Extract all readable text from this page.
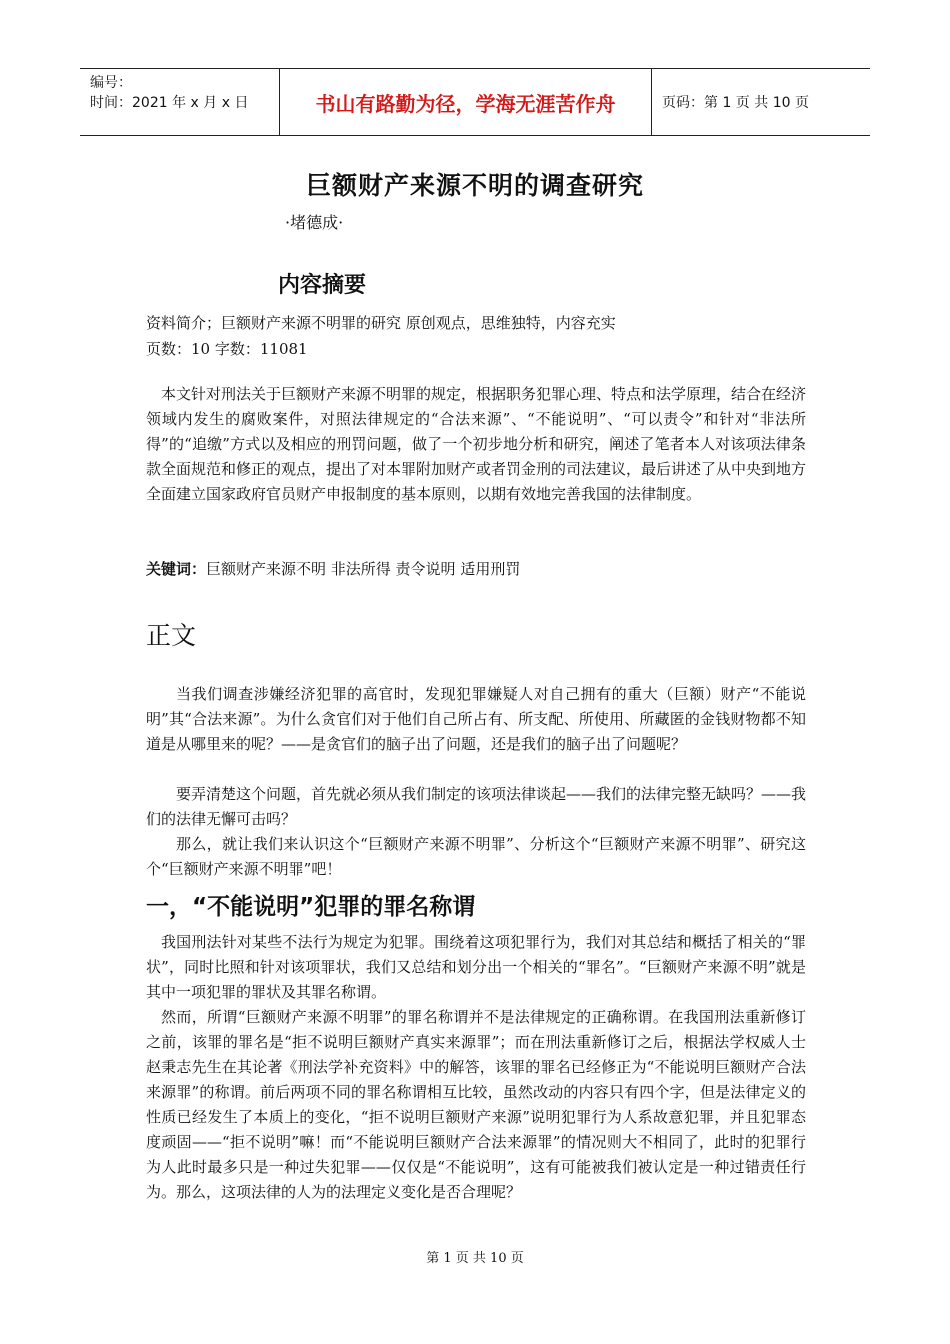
编号：
时间：2021 年 x 月 x 日	书山有路勤为径，学海无涯苦作舟	页码：第 1 页 共 10 页
巨额财产来源不明的调查研究
·堵德成·
内容摘要
资料简介；巨额财产来源不明罪的研究 原创观点，思维独特，内容充实
页数：10 字数：11081

本文针对刑法关于巨额财产来源不明罪的规定，根据职务犯罪心理、特点和法学原理，结合在经济领域内发生的腐败案件，对照法律规定的“合法来源”、“不能说明”、“可以责令”和针对“非法所得”的“追缴”方式以及相应的刑罚问题，做了一个初步地分析和研究，阐述了笔者本人对该项法律条款全面规范和修正的观点，提出了对本罪附加财产或者罚金刑的司法建议，最后讲述了从中央到地方全面建立国家政府官员财产申报制度的基本原则，以期有效地完善我国的法律制度。

关键词：巨额财产来源不明 非法所得 责令说明 适用刑罚
正文

当我们调查涉嫌经济犯罪的高官时，发现犯罪嫌疑人对自己拥有的重大（巨额）财产“不能说明”其“合法来源”。为什么贪官们对于他们自己所占有、所支配、所使用、所藏匿的金钱财物都不知道是从哪里来的呢？——是贪官们的脑子出了问题，还是我们的脑子出了问题呢？

要弄清楚这个问题，首先就必须从我们制定的该项法律谈起——我们的法律完整无缺吗？——我们的法律无懈可击吗？

那么，就让我们来认识这个“巨额财产来源不明罪”、分析这个“巨额财产来源不明罪”、研究这个“巨额财产来源不明罪”吧！

一，“不能说明”犯罪的罪名称谓

我国刑法针对某些不法行为规定为犯罪。围绕着这项犯罪行为，我们对其总结和概括了相关的“罪状”，同时比照和针对该项罪状，我们又总结和划分出一个相关的“罪名”。“巨额财产来源不明”就是其中一项犯罪的罪状及其罪名称谓。

然而，所谓“巨额财产来源不明罪”的罪名称谓并不是法律规定的正确称谓。在我国刑法重新修订之前，该罪的罪名是“拒不说明巨额财产真实来源罪”；而在刑法重新修订之后，根据法学权威人士赵秉志先生在其论著《刑法学补充资料》中的解答，该罪的罪名已经修正为“不能说明巨额财产合法来源罪”的称谓。前后两项不同的罪名称谓相互比较，虽然改动的内容只有四个字，但是法律定义的性质已经发生了本质上的变化，“拒不说明巨额财产来源”说明犯罪行为人系故意犯罪，并且犯罪态度顽固——“拒不说明”嘛！而“不能说明巨额财产合法来源罪”的情况则大不相同了，此时的犯罪行为人此时最多只是一种过失犯罪——仅仅是“不能说明”，这有可能被我们被认定是一种过错责任行为。那么，这项法律的人为的法理定义变化是否合理呢？

第 1 页 共 10 页
